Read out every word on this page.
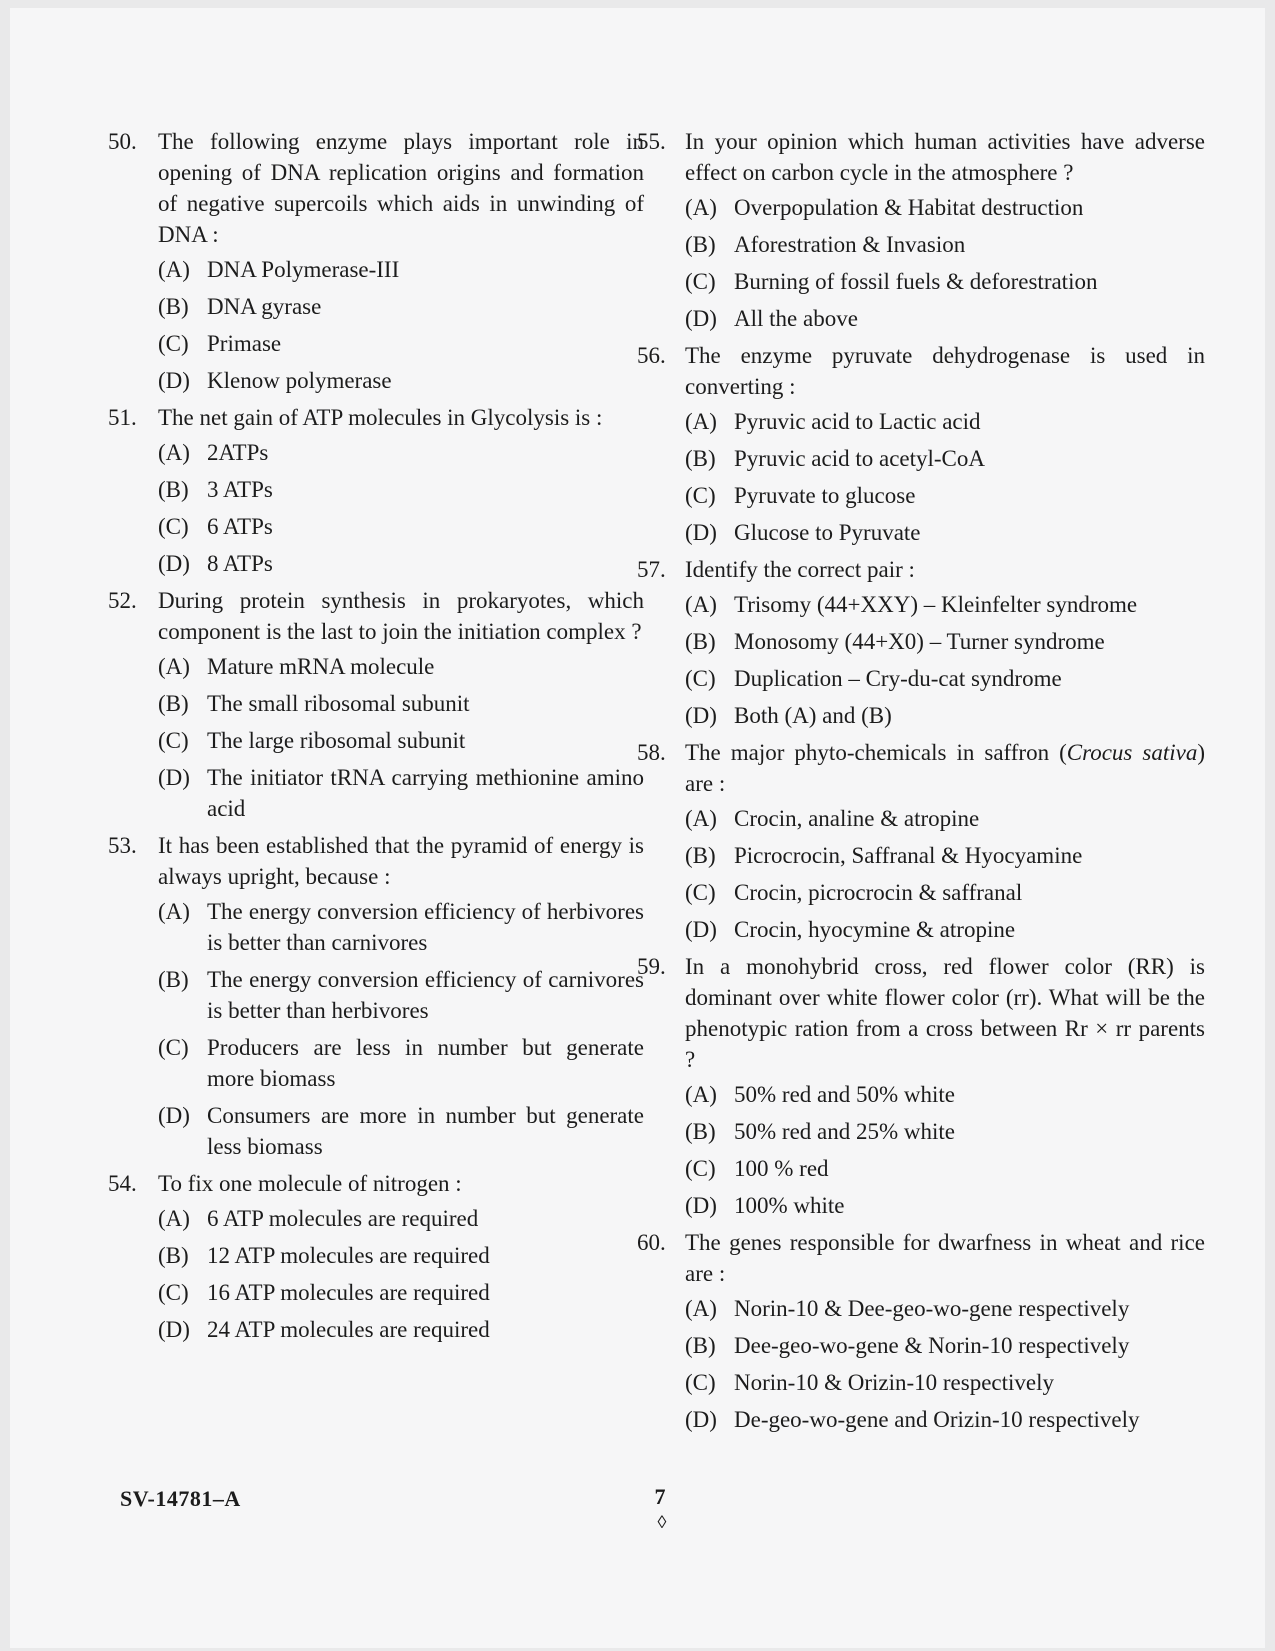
50. The following enzyme plays important role in opening of DNA replication origins and formation of negative supercoils which aids in unwinding of DNA :
(A) DNA Polymerase-III
(B) DNA gyrase
(C) Primase
(D) Klenow polymerase
51. The net gain of ATP molecules in Glycolysis is :
(A) 2ATPs
(B) 3 ATPs
(C) 6 ATPs
(D) 8 ATPs
52. During protein synthesis in prokaryotes, which component is the last to join the initiation complex ?
(A) Mature mRNA molecule
(B) The small ribosomal subunit
(C) The large ribosomal subunit
(D) The initiator tRNA carrying methionine amino acid
53. It has been established that the pyramid of energy is always upright, because :
(A) The energy conversion efficiency of herbivores is better than carnivores
(B) The energy conversion efficiency of carnivores is better than herbivores
(C) Producers are less in number but generate more biomass
(D) Consumers are more in number but generate less biomass
54. To fix one molecule of nitrogen :
(A) 6 ATP molecules are required
(B) 12 ATP molecules are required
(C) 16 ATP molecules are required
(D) 24 ATP molecules are required
55. In your opinion which human activities have adverse effect on carbon cycle in the atmosphere ?
(A) Overpopulation & Habitat destruction
(B) Aforestration & Invasion
(C) Burning of fossil fuels & deforestration
(D) All the above
56. The enzyme pyruvate dehydrogenase is used in converting :
(A) Pyruvic acid to Lactic acid
(B) Pyruvic acid to acetyl-CoA
(C) Pyruvate to glucose
(D) Glucose to Pyruvate
57. Identify the correct pair :
(A) Trisomy (44+XXY) – Kleinfelter syndrome
(B) Monosomy (44+X0) – Turner syndrome
(C) Duplication – Cry-du-cat syndrome
(D) Both (A) and (B)
58. The major phyto-chemicals in saffron (Crocus sativa) are :
(A) Crocin, analine & atropine
(B) Picrocrocin, Saffranal & Hyocyamine
(C) Crocin, picrocrocin & saffranal
(D) Crocin, hyocymine & atropine
59. In a monohybrid cross, red flower color (RR) is dominant over white flower color (rr). What will be the phenotypic ration from a cross between Rr × rr parents ?
(A) 50% red and 50% white
(B) 50% red and 25% white
(C) 100 % red
(D) 100% white
60. The genes responsible for dwarfness in wheat and rice are :
(A) Norin-10 & Dee-geo-wo-gene respectively
(B) Dee-geo-wo-gene & Norin-10 respectively
(C) Norin-10 & Orizin-10 respectively
(D) De-geo-wo-gene and Orizin-10 respectively
SV-14781–A	7
◊
